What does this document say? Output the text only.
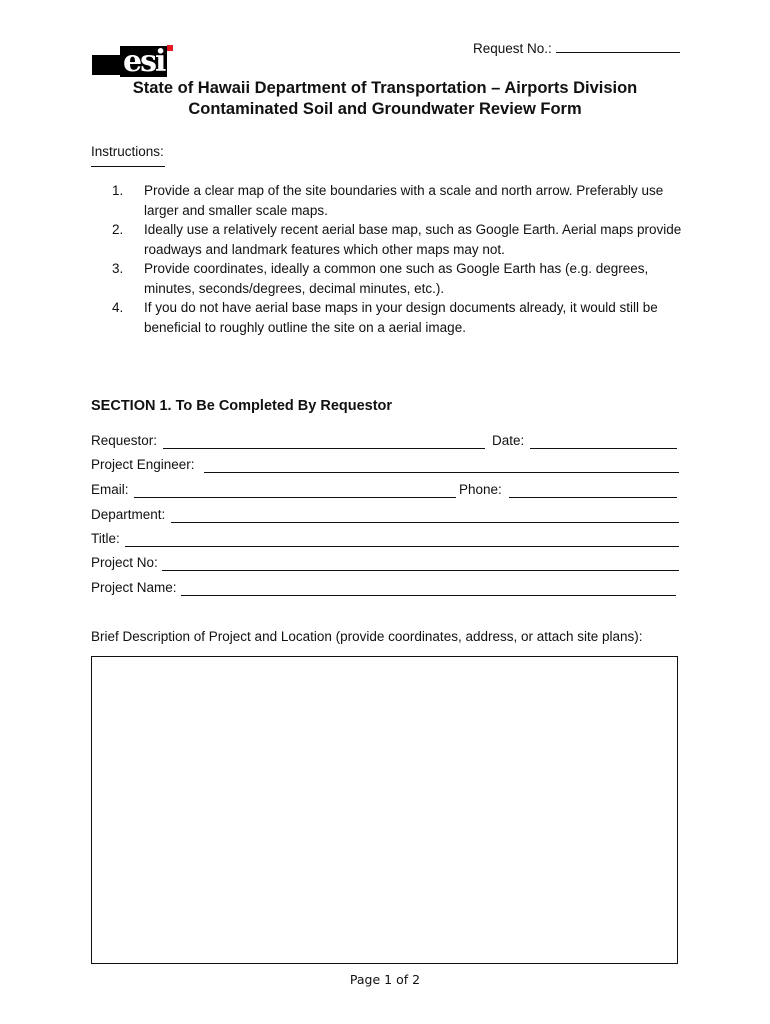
Request No.:
esi
State of Hawaii Department of Transportation – Airports Division
Contaminated Soil and Groundwater Review Form
Instructions:
1.	Provide a clear map of the site boundaries with a scale and north arrow. Preferably use larger and smaller scale maps.
2.	Ideally use a relatively recent aerial base map, such as Google Earth. Aerial maps provide roadways and landmark features which other maps may not.
3.	Provide coordinates, ideally a common one such as Google Earth has (e.g. degrees, minutes, seconds/degrees, decimal minutes, etc.).
4.	If you do not have aerial base maps in your design documents already, it would still be beneficial to roughly outline the site on a aerial image.
SECTION 1. To Be Completed By Requestor
Requestor:	Date:
Project Engineer:
Email:	Phone:
Department:
Title:
Project No:
Project Name:
Brief Description of Project and Location (provide coordinates, address, or attach site plans):
Page 1 of 2
